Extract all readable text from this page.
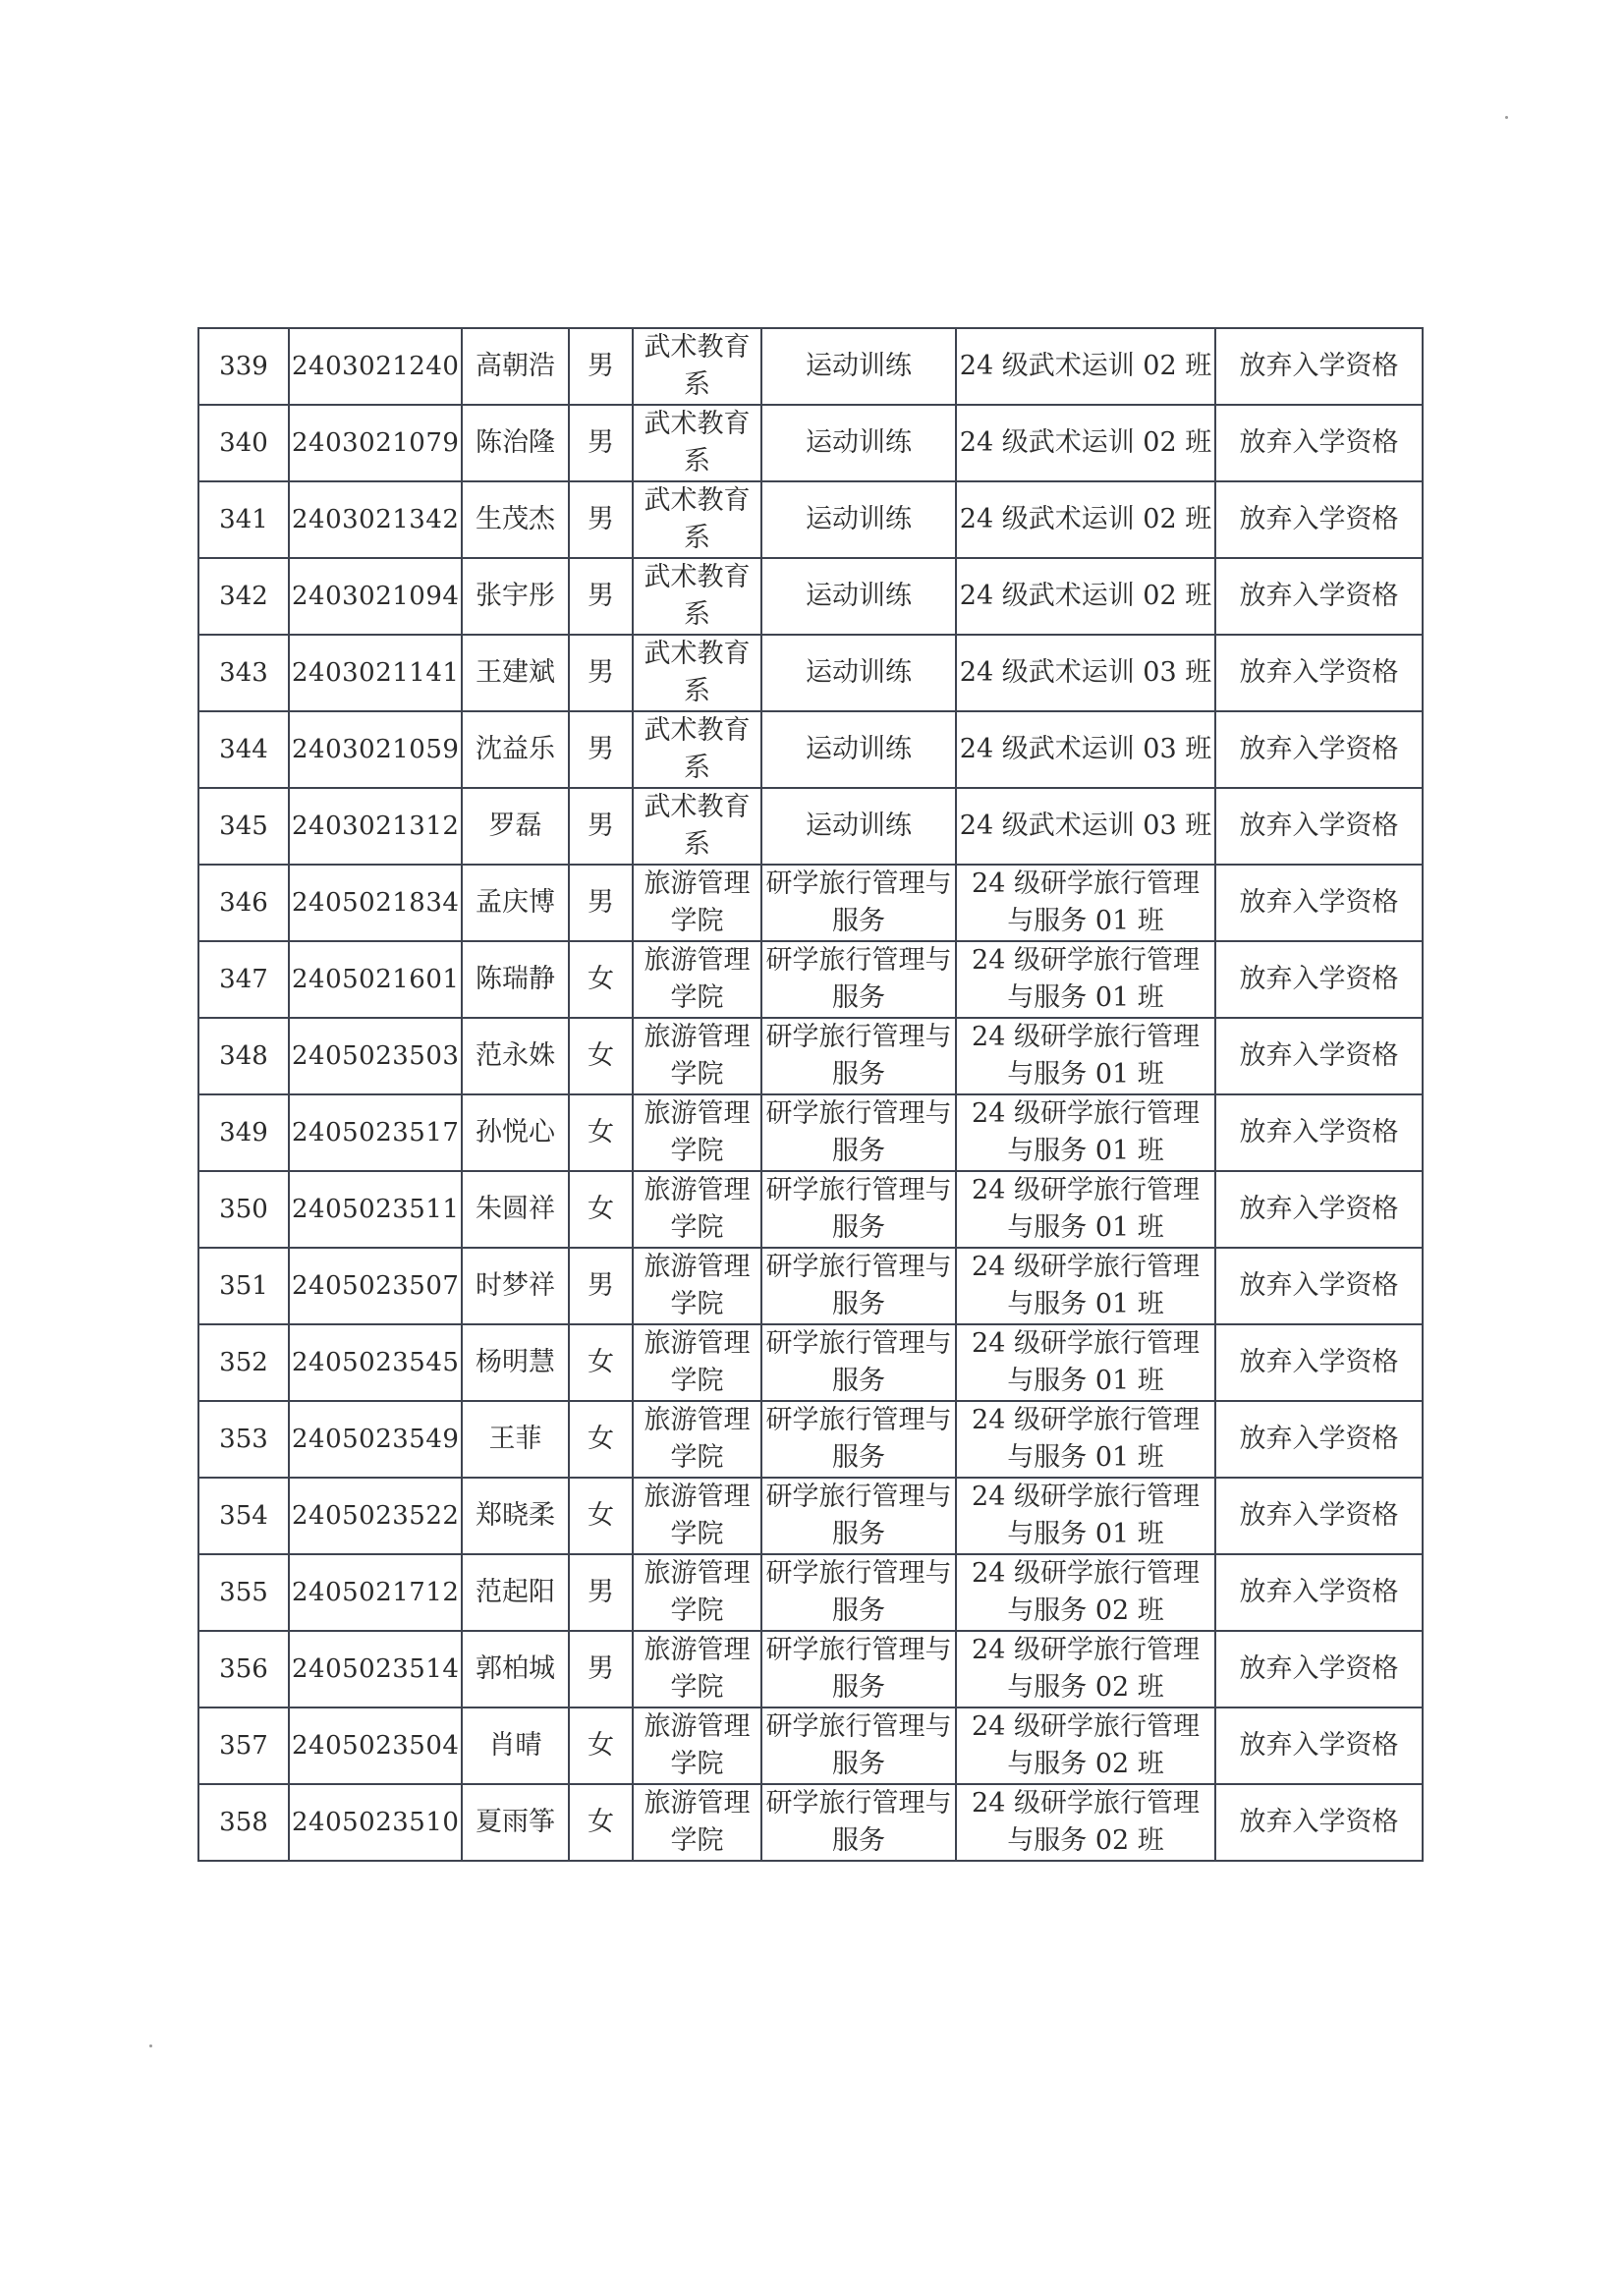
339	2403021240	高朝浩	男	武术教育系	运动训练	24 级武术运训 02 班	放弃入学资格
340	2403021079	陈治隆	男	武术教育系	运动训练	24 级武术运训 02 班	放弃入学资格
341	2403021342	生茂杰	男	武术教育系	运动训练	24 级武术运训 02 班	放弃入学资格
342	2403021094	张宇彤	男	武术教育系	运动训练	24 级武术运训 02 班	放弃入学资格
343	2403021141	王建斌	男	武术教育系	运动训练	24 级武术运训 03 班	放弃入学资格
344	2403021059	沈益乐	男	武术教育系	运动训练	24 级武术运训 03 班	放弃入学资格
345	2403021312	罗磊	男	武术教育系	运动训练	24 级武术运训 03 班	放弃入学资格
346	2405021834	孟庆博	男	旅游管理学院	研学旅行管理与服务	24 级研学旅行管理与服务 01 班	放弃入学资格
347	2405021601	陈瑞静	女	旅游管理学院	研学旅行管理与服务	24 级研学旅行管理与服务 01 班	放弃入学资格
348	2405023503	范永姝	女	旅游管理学院	研学旅行管理与服务	24 级研学旅行管理与服务 01 班	放弃入学资格
349	2405023517	孙悦心	女	旅游管理学院	研学旅行管理与服务	24 级研学旅行管理与服务 01 班	放弃入学资格
350	2405023511	朱圆祥	女	旅游管理学院	研学旅行管理与服务	24 级研学旅行管理与服务 01 班	放弃入学资格
351	2405023507	时梦祥	男	旅游管理学院	研学旅行管理与服务	24 级研学旅行管理与服务 01 班	放弃入学资格
352	2405023545	杨明慧	女	旅游管理学院	研学旅行管理与服务	24 级研学旅行管理与服务 01 班	放弃入学资格
353	2405023549	王菲	女	旅游管理学院	研学旅行管理与服务	24 级研学旅行管理与服务 01 班	放弃入学资格
354	2405023522	郑晓柔	女	旅游管理学院	研学旅行管理与服务	24 级研学旅行管理与服务 01 班	放弃入学资格
355	2405021712	范起阳	男	旅游管理学院	研学旅行管理与服务	24 级研学旅行管理与服务 02 班	放弃入学资格
356	2405023514	郭柏城	男	旅游管理学院	研学旅行管理与服务	24 级研学旅行管理与服务 02 班	放弃入学资格
357	2405023504	肖晴	女	旅游管理学院	研学旅行管理与服务	24 级研学旅行管理与服务 02 班	放弃入学资格
358	2405023510	夏雨筝	女	旅游管理学院	研学旅行管理与服务	24 级研学旅行管理与服务 02 班	放弃入学资格
